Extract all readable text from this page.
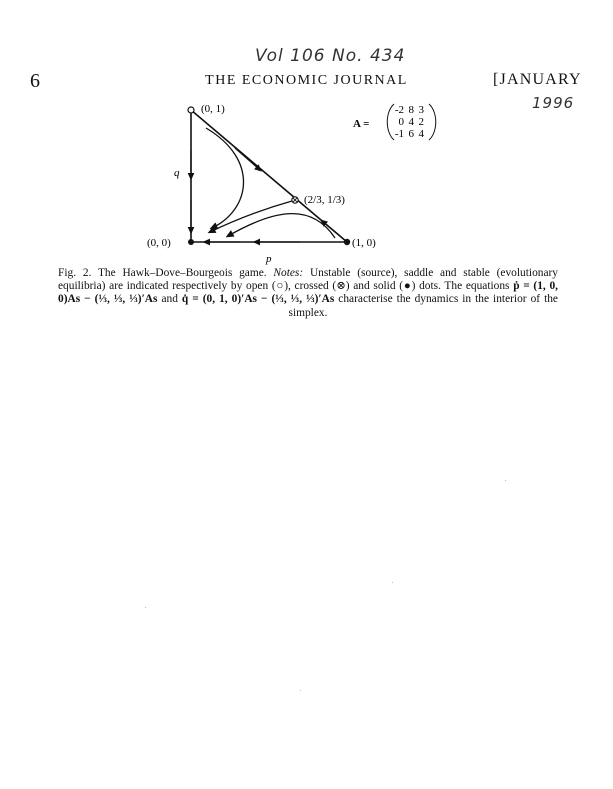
6
Vol 106 No. 434
THE ECONOMIC JOURNAL	[JANUARY
1996
(0, 1)
(0, 0)	(1, 0)
(2/3, 1/3)
q
p
A =
-2 8 3
0 4 2
-1 6 4
Fig. 2. The Hawk–Dove–Bourgeois game. Notes: Unstable (source), saddle and stable (evolutionary equilibria) are indicated respectively by open (○), crossed (⊗) and solid (●) dots. The equations ṗ = (1, 0, 0)As − (⅓, ⅓, ⅓)′As and q̇ = (0, 1, 0)′As − (⅓, ⅓, ⅓)′As characterise the dynamics in the interior of the simplex.
